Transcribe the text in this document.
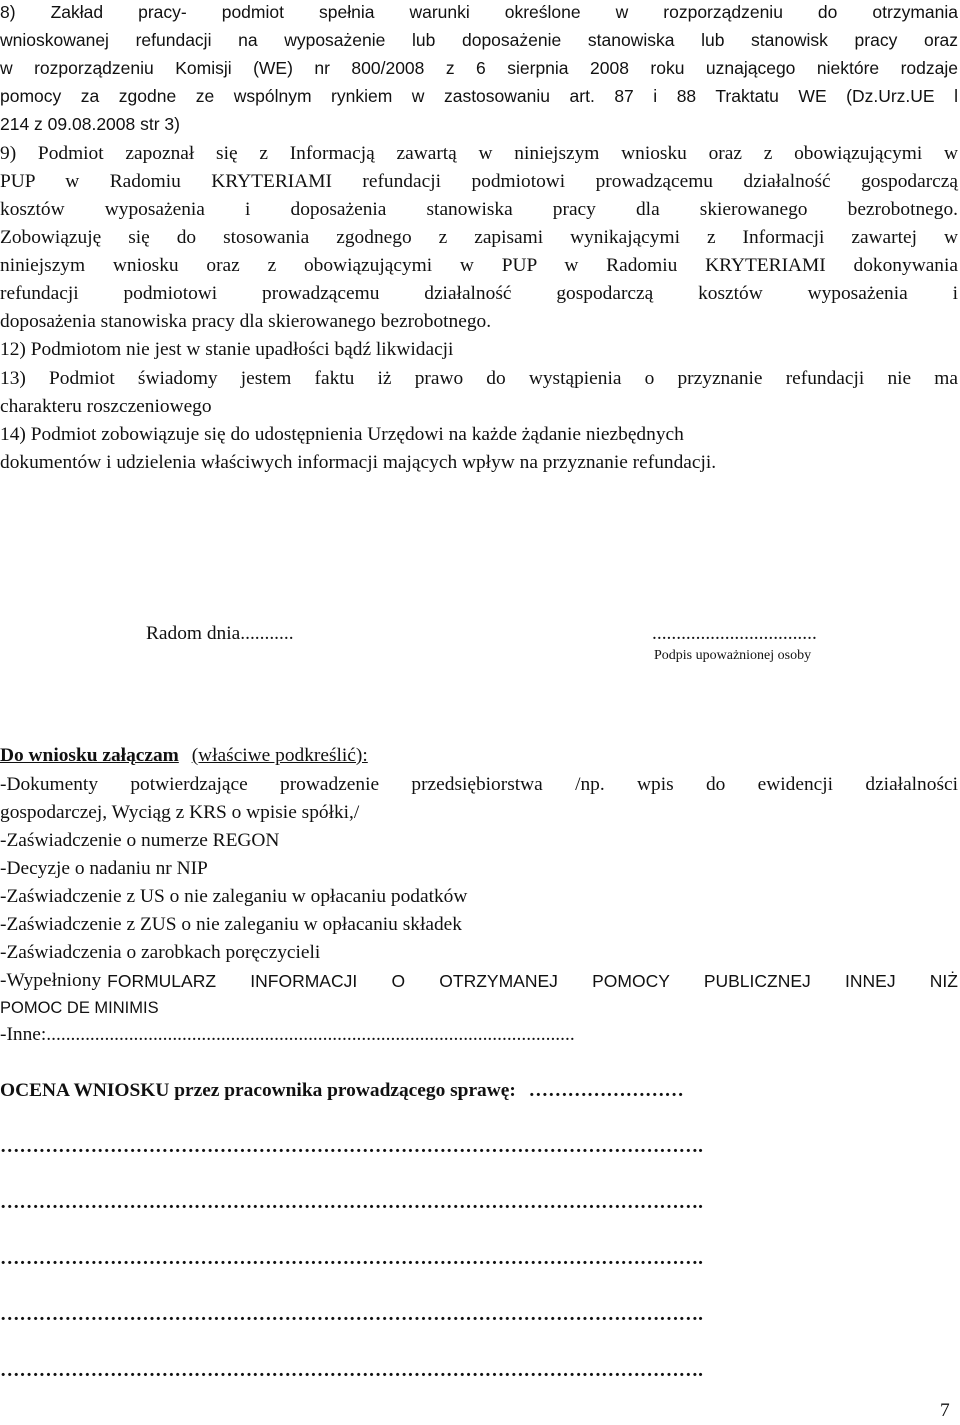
8) Zakład pracy- podmiot spełnia warunki określone w rozporządzeniu do otrzymania
wnioskowanej refundacji na wyposażenie lub doposażenie stanowiska lub stanowisk pracy oraz
w rozporządzeniu Komisji (WE) nr 800/2008 z 6 sierpnia 2008 roku uznającego niektóre rodzaje
pomocy za zgodne ze wspólnym rynkiem w zastosowaniu art. 87 i 88 Traktatu WE (Dz.Urz.UE l
214 z 09.08.2008 str 3)
9) Podmiot zapoznał się z Informacją zawartą w niniejszym wniosku oraz z obowiązującymi w
PUP w Radomiu KRYTERIAMI refundacji podmiotowi prowadzącemu działalność gospodarczą
kosztów wyposażenia i doposażenia stanowiska pracy dla skierowanego bezrobotnego.
Zobowiązuję się do stosowania zgodnego z zapisami wynikającymi z Informacji zawartej w
niniejszym wniosku oraz z obowiązującymi w PUP w Radomiu KRYTERIAMI dokonywania
refundacji podmiotowi prowadzącemu działalność gospodarczą kosztów wyposażenia i
doposażenia stanowiska pracy dla skierowanego bezrobotnego.
12) Podmiotom nie jest w stanie upadłości bądź likwidacji
13) Podmiot świadomy jestem faktu iż prawo do wystąpienia o przyznanie refundacji nie ma
charakteru roszczeniowego
14) Podmiot zobowiązuje się do udostępnienia Urzędowi na każde żądanie niezbędnych
dokumentów i udzielenia właściwych informacji mających wpływ na przyznanie refundacji.
Radom dnia...........	..................................
Podpis upoważnionej osoby
Do wniosku załączam (właściwe podkreślić):
-Dokumenty potwierdzające prowadzenie przedsiębiorstwa /np. wpis do ewidencji działalności
gospodarczej, Wyciąg z KRS o wpisie spółki,/
-Zaświadczenie o numerze REGON
-Decyzje o nadaniu nr NIP
-Zaświadczenie z US o nie zaleganiu w opłacaniu podatków
-Zaświadczenie z ZUS o nie zaleganiu w opłacaniu składek
-Zaświadczenia o zarobkach poręczycieli
-Wypełniony FORMULARZ INFORMACJI O OTRZYMANEJ POMOCY PUBLICZNEJ INNEJ NIŻ
POMOC DE MINIMIS
-Inne:.............................................................................................................
OCENA WNIOSKU przez pracownika prowadzącego sprawę: ……………………
……………………………………………………………………………………………….
……………………………………………………………………………………………….
……………………………………………………………………………………………….
……………………………………………………………………………………………….
……………………………………………………………………………………………….
7
